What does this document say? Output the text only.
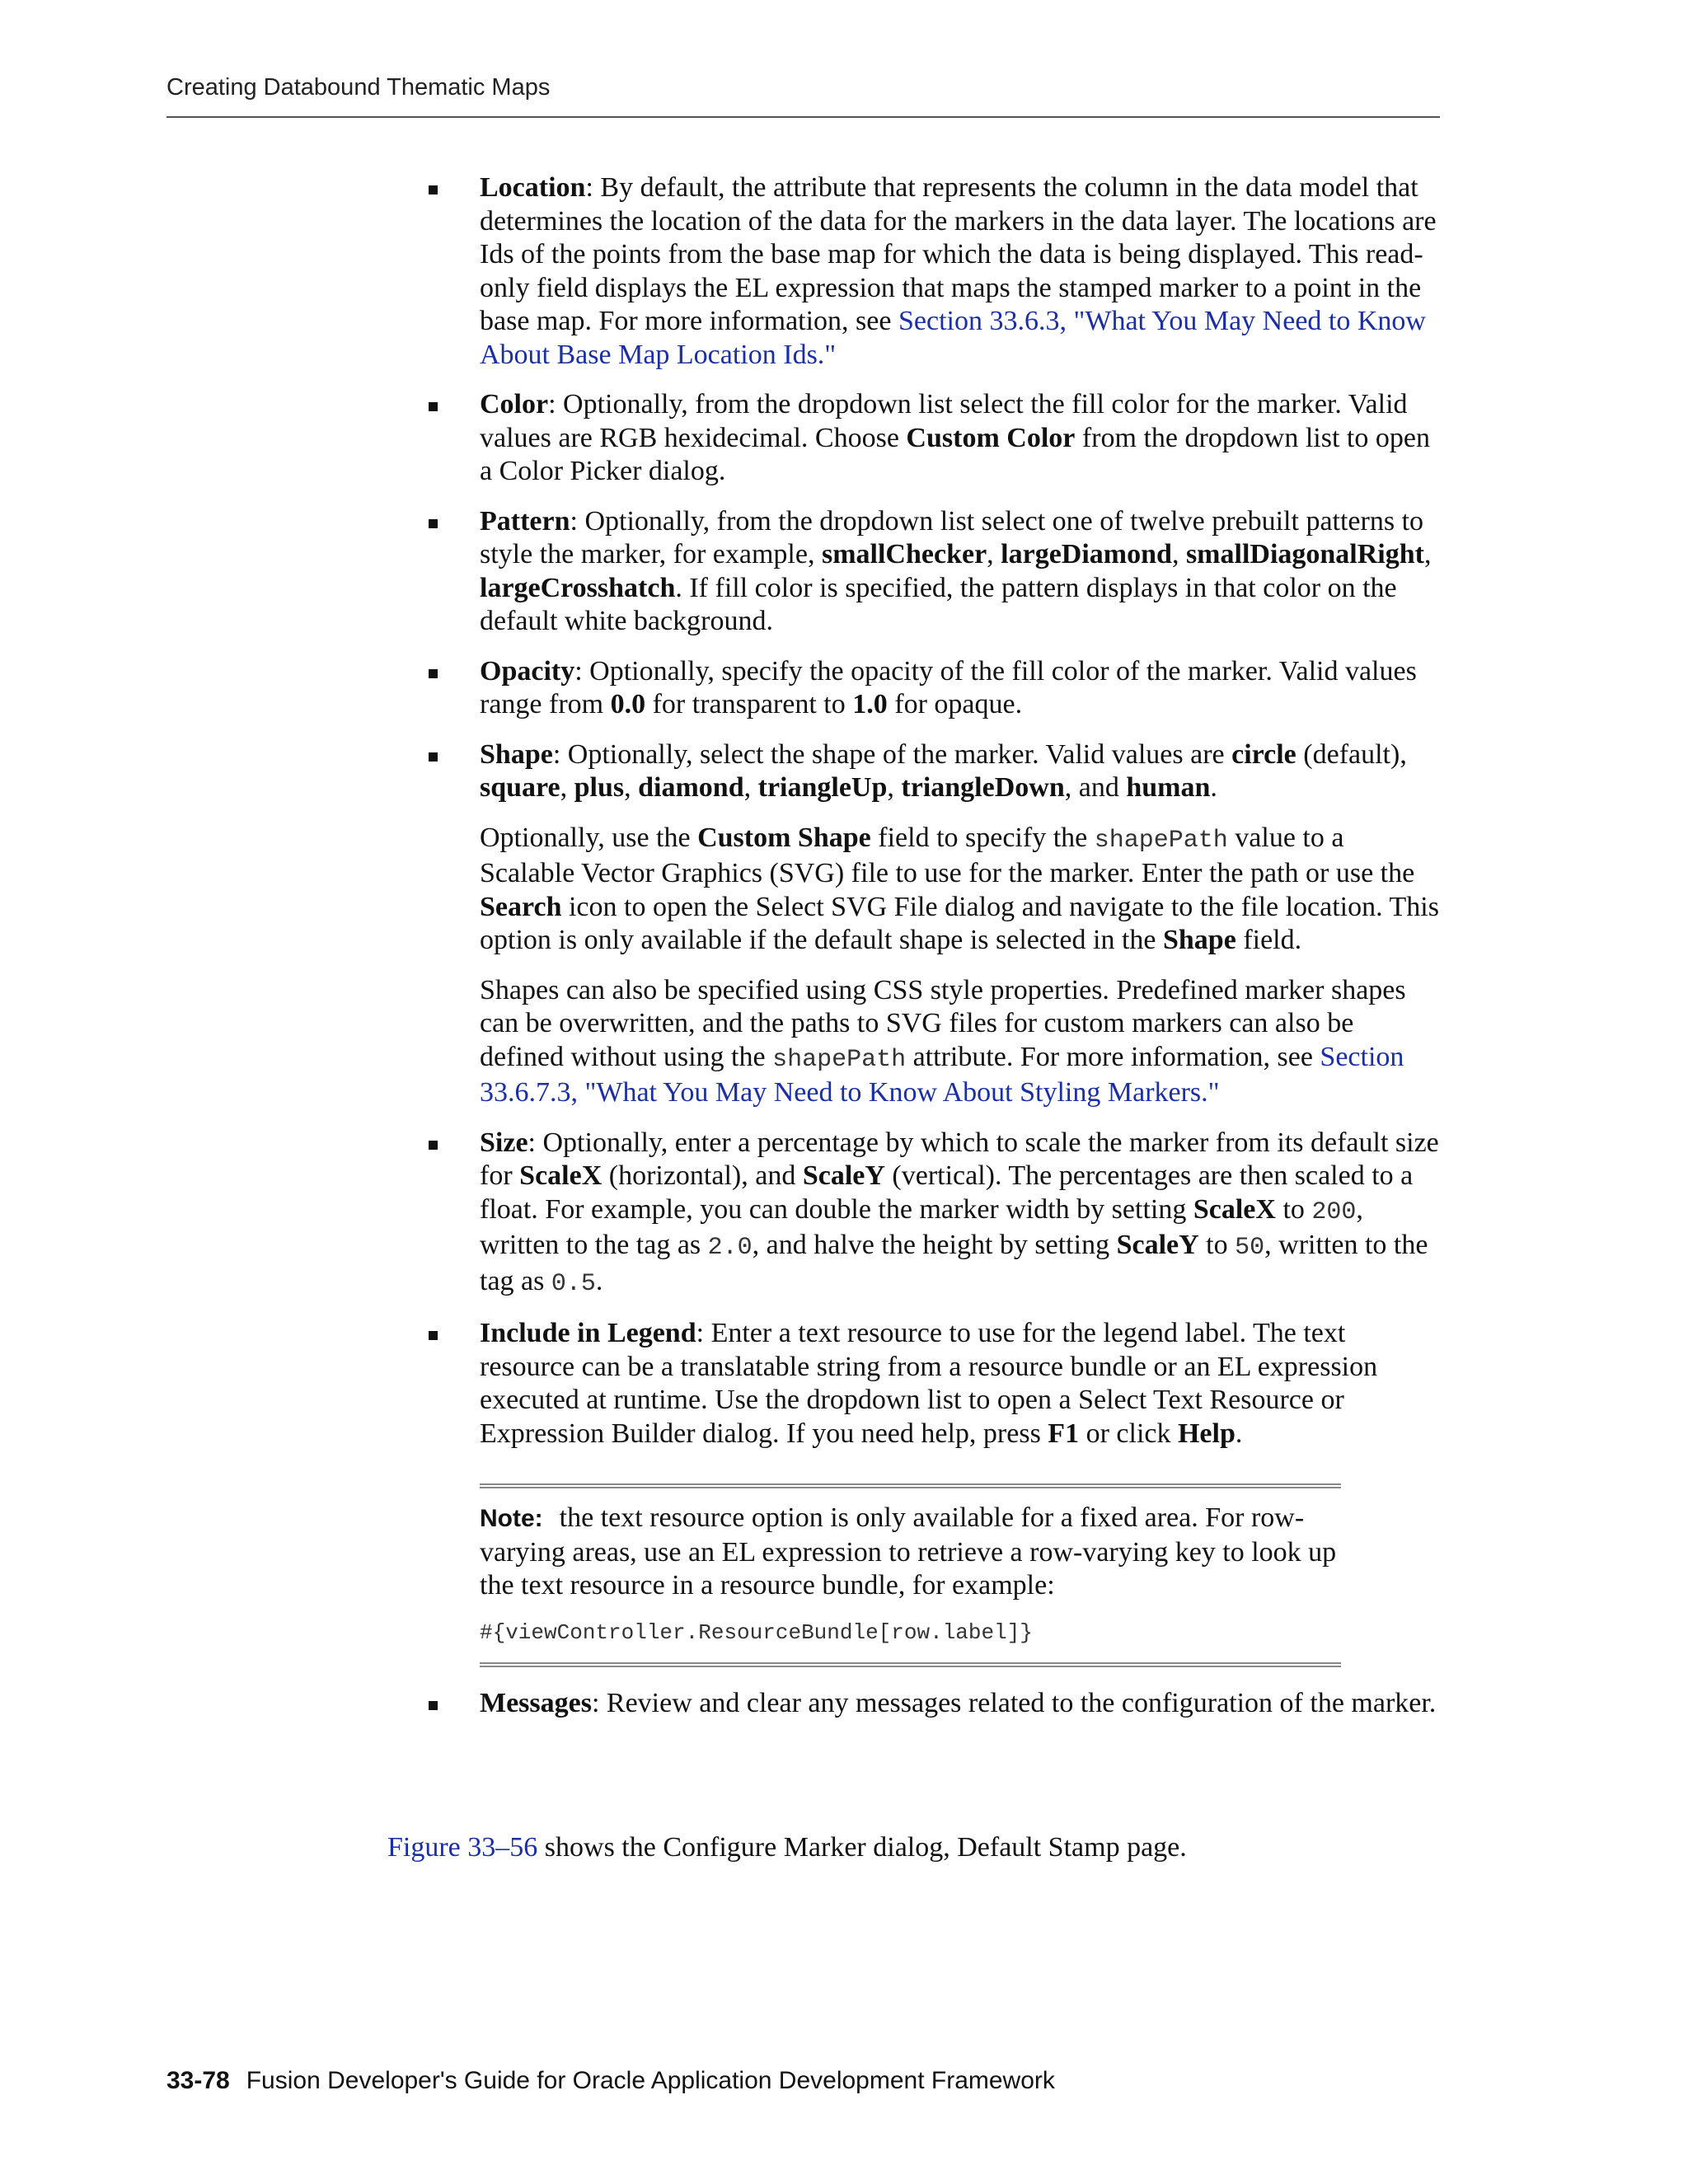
Creating Databound Thematic Maps

Location: By default, the attribute that represents the column in the data model that determines the location of the data for the markers in the data layer. The locations are Ids of the points from the base map for which the data is being displayed. This read-only field displays the EL expression that maps the stamped marker to a point in the base map. For more information, see Section 33.6.3, "What You May Need to Know About Base Map Location Ids."

Color: Optionally, from the dropdown list select the fill color for the marker. Valid values are RGB hexidecimal. Choose Custom Color from the dropdown list to open a Color Picker dialog.

Pattern: Optionally, from the dropdown list select one of twelve prebuilt patterns to style the marker, for example, smallChecker, largeDiamond, smallDiagonalRight, largeCrosshatch. If fill color is specified, the pattern displays in that color on the default white background.

Opacity: Optionally, specify the opacity of the fill color of the marker. Valid values range from 0.0 for transparent to 1.0 for opaque.

Shape: Optionally, select the shape of the marker. Valid values are circle (default), square, plus, diamond, triangleUp, triangleDown, and human.

Optionally, use the Custom Shape field to specify the shapePath value to a Scalable Vector Graphics (SVG) file to use for the marker. Enter the path or use the Search icon to open the Select SVG File dialog and navigate to the file location. This option is only available if the default shape is selected in the Shape field.

Shapes can also be specified using CSS style properties. Predefined marker shapes can be overwritten, and the paths to SVG files for custom markers can also be defined without using the shapePath attribute. For more information, see Section 33.6.7.3, "What You May Need to Know About Styling Markers."

Size: Optionally, enter a percentage by which to scale the marker from its default size for ScaleX (horizontal), and ScaleY (vertical). The percentages are then scaled to a float. For example, you can double the marker width by setting ScaleX to 200, written to the tag as 2.0, and halve the height by setting ScaleY to 50, written to the tag as 0.5.

Include in Legend: Enter a text resource to use for the legend label. The text resource can be a translatable string from a resource bundle or an EL expression executed at runtime. Use the dropdown list to open a Select Text Resource or Expression Builder dialog. If you need help, press F1 or click Help.

Note: the text resource option is only available for a fixed area. For row-varying areas, use an EL expression to retrieve a row-varying key to look up the text resource in a resource bundle, for example:
#{viewController.ResourceBundle[row.label]}

Messages: Review and clear any messages related to the configuration of the marker.

Figure 33–56 shows the Configure Marker dialog, Default Stamp page.
33-78 Fusion Developer's Guide for Oracle Application Development Framework
